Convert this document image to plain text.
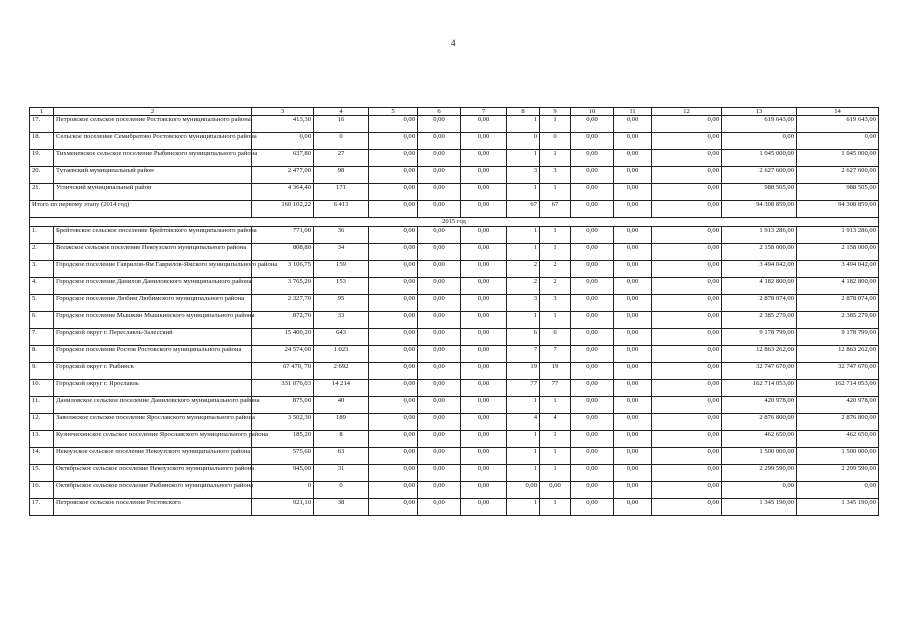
4
1	2	3	4	5	6	7	8	9	10	11	12	13	14
17.	Петровское сельское поселение Ростовского муниципального района	413,30	16	0,00	0,00	0,00	1	1	0,00	0,00	0,00	619 643,00	619 643,00
18.	Сельское поселение Семибратово Ростовского муниципального района	0,00	0	0,00	0,00	0,00	0	0	0,00	0,00	0,00	0,00	0,00
19.	Тихменевское сельское поселение Рыбинского муниципального района	637,80	27	0,00	0,00	0,00	1	1	0,00	0,00	0,00	1 045 000,00	1 045 000,00
20.	Тутаевский муниципальный район	2 477,00	98	0,00	0,00	0,00	3	3	0,00	0,00	0,00	2 627 600,00	2 627 600,00
21.	Угличский муниципальный район	4 364,40	171	0,00	0,00	0,00	1	1	0,00	0,00	0,00	988 505,00	988 505,00
Итого по первому этапу (2014 год)		160 102,22	6 413	0,00	0,00	0,00	67	67	0,00	0,00	0,00	94 308 859,00	94 308 859,00
2015 год													
1.	Брейтовское сельское поселение Брейтовского муниципального района	771,00	36	0,00	0,00	0,00	1	1	0,00	0,00	0,00	1 913 286,00	1 913 286,00
2.	Волжское сельское поселение Некоузского муниципального района	808,80	34	0,00	0,00	0,00	1	1	0,00	0,00	0,00	2 158 000,00	2 158 000,00
3.	Городское поселение Гаврилов-Ям Гаврилов-Ямского муниципального района	3 106,75	159	0,00	0,00	0,00	2	2	0,00	0,00	0,00	3 494 042,00	3 494 042,00
4.	Городское поселение Данилов Даниловского муниципального района	3 765,20	153	0,00	0,00	0,00	2	2	0,00	0,00	0,00	4 182 800,00	4 182 800,00
5.	Городское поселение Любим Любимского муниципального района	2 327,70	95	0,00	0,00	0,00	3	3	0,00	0,00	0,00	2 878 074,00	2 878 074,00
6.	Городское поселение Мышкин Мышкинского муниципального района	872,70	33	0,00	0,00	0,00	1	1	0,00	0,00	0,00	2 385 279,00	2 385 279,00
7.	Городской округ г. Переславль-Залесский	15 400,20	643	0,00	0,00	0,00	6	6	0,00	0,00	0,00	9 178 799,00	9 178 799,00
8.	Городское поселение Ростов Ростовского муниципального района	24 574,00	1 023	0,00	0,00	0,00	7	7	0,00	0,00	0,00	12 863 262,00	12 863 262,00
9.	Городской округ г. Рыбинск	67 470, 70	2 692	0,00	0,00	0,00	19	19	0,00	0,00	0,00	32 747 670,00	32 747 670,00
10.	Городской округ г. Ярославль	331 076,03	14 214	0,00	0,00	0,00	77	77	0,00	0,00	0,00	162 714 053,00	162 714 053,00
11.	Даниловское сельское поселение Даниловского муниципального района	875,00	40	0,00	0,00	0,00	1	1	0,00	0,00	0,00	420 978,00	420 978,00
12.	Заволжское сельское поселение Ярославского муниципального района	3 502,30	189	0,00	0,00	0,00	4	4	0,00	0,00	0,00	2 876 800,00	2 876 800,00
13.	Кузнечихинское сельское поселение Ярославского муниципального района	185,20	8	0,00	0,00	0,00	1	1	0,00	0,00	0,00	462 650,00	462 650,00
14.	Некоузское сельское поселение Некоузского муниципального района	575,60	63	0,00	0,00	0,00	1	1	0,00	0,00	0,00	1 500 000,00	1 500 000,00
15.	Октябрьское сельское поселение Некоузского муниципального района	945,00	31	0,00	0,00	0,00	1	1	0,00	0,00	0,00	2 299 590,00	2 299 590,00
16.	Октябрьское сельское поселение Рыбинского муниципального района	0	0	0,00	0,00	0,00	0,00	0,00	0,00	0,00	0,00	0,00	0,00
17.	Петровское сельское поселение Ростовского	921,10	38	0,00	0,00	0,00	1	1	0,00	0,00	0,00	1 345 190,00	1 345 190,00
